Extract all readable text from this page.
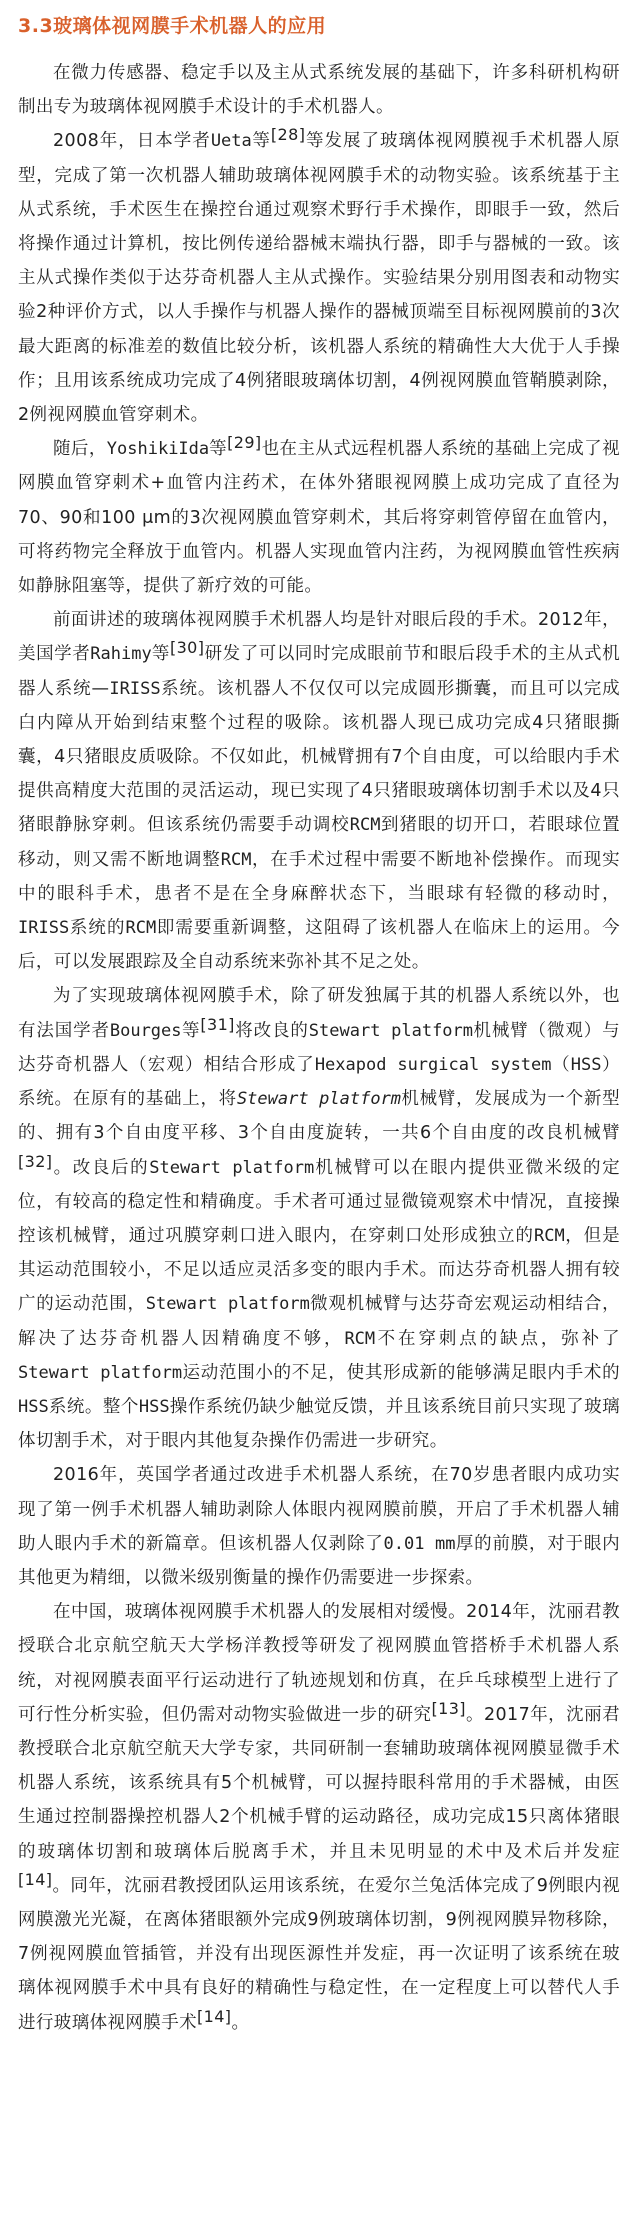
3.3玻璃体视网膜手术机器人的应用

在微力传感器、稳定手以及主从式系统发展的基础下，许多科研机构研制出专为玻璃体视网膜手术设计的手术机器人。

2008年，日本学者Ueta等[28]等发展了玻璃体视网膜视手术机器人原型，完成了第一次机器人辅助玻璃体视网膜手术的动物实验。该系统基于主从式系统，手术医生在操控台通过观察术野行手术操作，即眼手一致，然后将操作通过计算机，按比例传递给器械末端执行器，即手与器械的一致。该主从式操作类似于达芬奇机器人主从式操作。实验结果分别用图表和动物实验2种评价方式，以人手操作与机器人操作的器械顶端至目标视网膜前的3次最大距离的标准差的数值比较分析，该机器人系统的精确性大大优于人手操作；且用该系统成功完成了4例猪眼玻璃体切割，4例视网膜血管鞘膜剥除，2例视网膜血管穿刺术。

随后，YoshikiIda等[29]也在主从式远程机器人系统的基础上完成了视网膜血管穿刺术+血管内注药术，在体外猪眼视网膜上成功完成了直径为70、90和100 μm的3次视网膜血管穿刺术，其后将穿刺管停留在血管内，可将药物完全释放于血管内。机器人实现血管内注药，为视网膜血管性疾病如静脉阻塞等，提供了新疗效的可能。

前面讲述的玻璃体视网膜手术机器人均是针对眼后段的手术。2012年，美国学者Rahimy等[30]研发了可以同时完成眼前节和眼后段手术的主从式机器人系统—IRISS系统。该机器人不仅仅可以完成圆形撕囊，而且可以完成白内障从开始到结束整个过程的吸除。该机器人现已成功完成4只猪眼撕囊，4只猪眼皮质吸除。不仅如此，机械臂拥有7个自由度，可以给眼内手术提供高精度大范围的灵活运动，现已实现了4只猪眼玻璃体切割手术以及4只猪眼静脉穿刺。但该系统仍需要手动调校RCM到猪眼的切开口，若眼球位置移动，则又需不断地调整RCM，在手术过程中需要不断地补偿操作。而现实中的眼科手术，患者不是在全身麻醉状态下，当眼球有轻微的移动时，IRISS系统的RCM即需要重新调整，这阻碍了该机器人在临床上的运用。今后，可以发展跟踪及全自动系统来弥补其不足之处。

为了实现玻璃体视网膜手术，除了研发独属于其的机器人系统以外，也有法国学者Bourges等[31]将改良的Stewart platform机械臂（微观）与达芬奇机器人（宏观）相结合形成了Hexapod surgical system（HSS）系统。在原有的基础上，将Stewart platform机械臂，发展成为一个新型的、拥有3个自由度平移、3个自由度旋转，一共6个自由度的改良机械臂[32]。改良后的Stewart platform机械臂可以在眼内提供亚微米级的定位，有较高的稳定性和精确度。手术者可通过显微镜观察术中情况，直接操控该机械臂，通过巩膜穿刺口进入眼内，在穿刺口处形成独立的RCM，但是其运动范围较小，不足以适应灵活多变的眼内手术。而达芬奇机器人拥有较广的运动范围，Stewart platform微观机械臂与达芬奇宏观运动相结合，解决了达芬奇机器人因精确度不够，RCM不在穿刺点的缺点，弥补了Stewart platform运动范围小的不足，使其形成新的能够满足眼内手术的HSS系统。整个HSS操作系统仍缺少触觉反馈，并且该系统目前只实现了玻璃体切割手术，对于眼内其他复杂操作仍需进一步研究。

2016年，英国学者通过改进手术机器人系统，在70岁患者眼内成功实现了第一例手术机器人辅助剥除人体眼内视网膜前膜，开启了手术机器人辅助人眼内手术的新篇章。但该机器人仅剥除了0.01 mm厚的前膜，对于眼内其他更为精细，以微米级别衡量的操作仍需要进一步探索。

在中国，玻璃体视网膜手术机器人的发展相对缓慢。2014年，沈丽君教授联合北京航空航天大学杨洋教授等研发了视网膜血管搭桥手术机器人系统，对视网膜表面平行运动进行了轨迹规划和仿真，在乒乓球模型上进行了可行性分析实验，但仍需对动物实验做进一步的研究[13]。2017年，沈丽君教授联合北京航空航天大学专家，共同研制一套辅助玻璃体视网膜显微手术机器人系统，该系统具有5个机械臂，可以握持眼科常用的手术器械，由医生通过控制器操控机器人2个机械手臂的运动路径，成功完成15只离体猪眼的玻璃体切割和玻璃体后脱离手术，并且未见明显的术中及术后并发症[14]。同年，沈丽君教授团队运用该系统，在爱尔兰兔活体完成了9例眼内视网膜激光光凝，在离体猪眼额外完成9例玻璃体切割，9例视网膜异物移除，7例视网膜血管插管，并没有出现医源性并发症，再一次证明了该系统在玻璃体视网膜手术中具有良好的精确性与稳定性，在一定程度上可以替代人手进行玻璃体视网膜手术[14]。
